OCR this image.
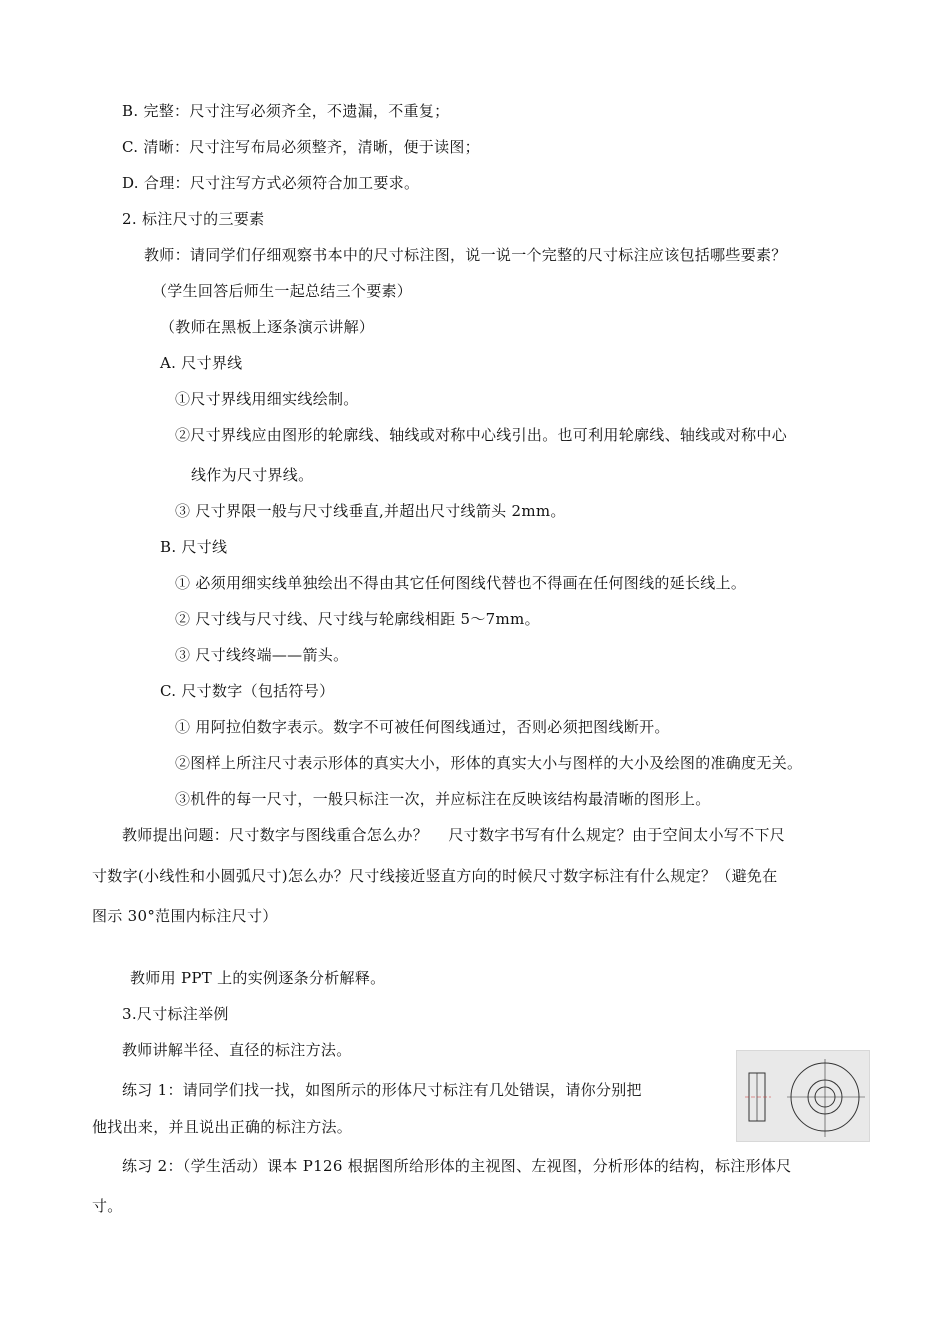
B. 完整：尺寸注写必须齐全，不遗漏，不重复；
C. 清晰：尺寸注写布局必须整齐，清晰，便于读图；
D. 合理：尺寸注写方式必须符合加工要求。
2. 标注尺寸的三要素
教师：请同学们仔细观察书本中的尺寸标注图，说一说一个完整的尺寸标注应该包括哪些要素？
（学生回答后师生一起总结三个要素）
（教师在黑板上逐条演示讲解）
A. 尺寸界线
①尺寸界线用细实线绘制。
②尺寸界线应由图形的轮廓线、轴线或对称中心线引出。也可利用轮廓线、轴线或对称中心
线作为尺寸界线。
③ 尺寸界限一般与尺寸线垂直,并超出尺寸线箭头 2mm。
B. 尺寸线
① 必须用细实线单独绘出不得由其它任何图线代替也不得画在任何图线的延长线上。
② 尺寸线与尺寸线、尺寸线与轮廓线相距 5～7mm。
③ 尺寸线终端——箭头。
C. 尺寸数字（包括符号）
① 用阿拉伯数字表示。数字不可被任何图线通过，否则必须把图线断开。
②图样上所注尺寸表示形体的真实大小，形体的真实大小与图样的大小及绘图的准确度无关。
③机件的每一尺寸，一般只标注一次，并应标注在反映该结构最清晰的图形上。
教师提出问题：尺寸数字与图线重合怎么办？　 尺寸数字书写有什么规定？由于空间太小写不下尺
寸数字(小线性和小圆弧尺寸)怎么办？尺寸线接近竖直方向的时候尺寸数字标注有什么规定？（避免在
图示 30°范围内标注尺寸）
教师用 PPT 上的实例逐条分析解释。
3.尺寸标注举例
教师讲解半径、直径的标注方法。
练习 1：请同学们找一找，如图所示的形体尺寸标注有几处错误，请你分别把
他找出来，并且说出正确的标注方法。
练习 2：（学生活动）课本 P126 根据图所给形体的主视图、左视图，分析形体的结构，标注形体尺
寸。
